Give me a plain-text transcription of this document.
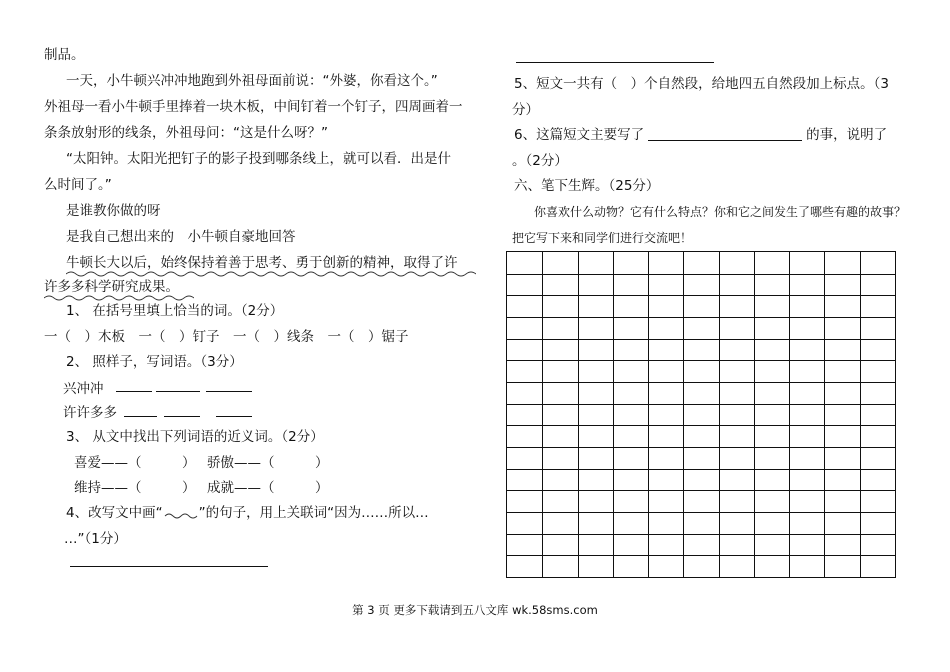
制品。
一天，小牛顿兴冲冲地跑到外祖母面前说：“外婆，你看这个。”
外祖母一看小牛顿手里捧着一块木板，中间钉着一个钉子，四周画着一
条条放射形的线条，外祖母问：“这是什么呀？”
“太阳钟。太阳光把钉子的影子投到哪条线上，就可以看．出是什
么时间了。”
是谁教你做的呀
是我自己想出来的　小牛顿自豪地回答
牛顿长大以后，始终保持着善于思考、勇于创新的精神，取得了许
许多多科学研究成果。
1、 在括号里填上恰当的词。（2分）
一（　）木板　一（　）钉子　一（　）线条　一（　）锯子
2、 照样子，写词语。（3分）
兴冲冲
许许多多
3、 从文中找出下列词语的近义词。（2分）
喜爱——（　　　） 骄傲——（　　　）
维持——（　　　） 成就——（　　　）
4、改写文中画“	”的句子，用上关联词“因为……所以…
…”（1分）
5、短文一共有（　）个自然段，给地四五自然段加上标点。（3
分）
6、这篇短文主要写了	的事，说明了
。（2分）
六、笔下生辉。（25分）
你喜欢什么动物？它有什么特点？你和它之间发生了哪些有趣的故事？
把它写下来和同学们进行交流吧！
第 3 页 更多下载请到五八文库 wk.58sms.com
